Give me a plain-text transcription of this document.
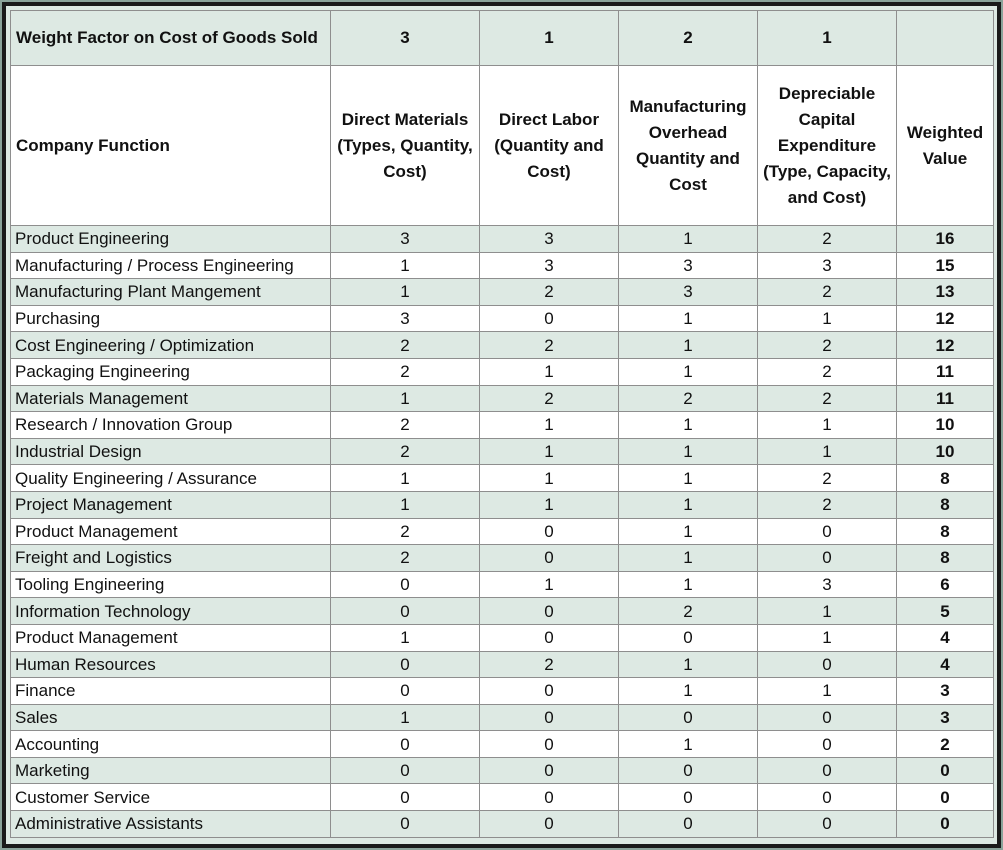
Weight Factor on Cost of Goods Sold	3	1	2	1	
Company Function	Direct Materials (Types, Quantity, Cost)	Direct Labor (Quantity and Cost)	Manufacturing Overhead Quantity and Cost	Depreciable Capital Expenditure (Type, Capacity, and Cost)	Weighted Value

Product Engineering	3	3	1	2	16
Manufacturing / Process Engineering	1	3	3	3	15
Manufacturing Plant Mangement	1	2	3	2	13
Purchasing	3	0	1	1	12
Cost Engineering / Optimization	2	2	1	2	12
Packaging Engineering	2	1	1	2	11
Materials Management	1	2	2	2	11
Research / Innovation Group	2	1	1	1	10
Industrial Design	2	1	1	1	10
Quality Engineering / Assurance	1	1	1	2	8
Project Management	1	1	1	2	8
Product Management	2	0	1	0	8
Freight and Logistics	2	0	1	0	8
Tooling Engineering	0	1	1	3	6
Information Technology	0	0	2	1	5
Product Management	1	0	0	1	4
Human Resources	0	2	1	0	4
Finance	0	0	1	1	3
Sales	1	0	0	0	3
Accounting	0	0	1	0	2
Marketing	0	0	0	0	0
Customer Service	0	0	0	0	0
Administrative Assistants	0	0	0	0	0
